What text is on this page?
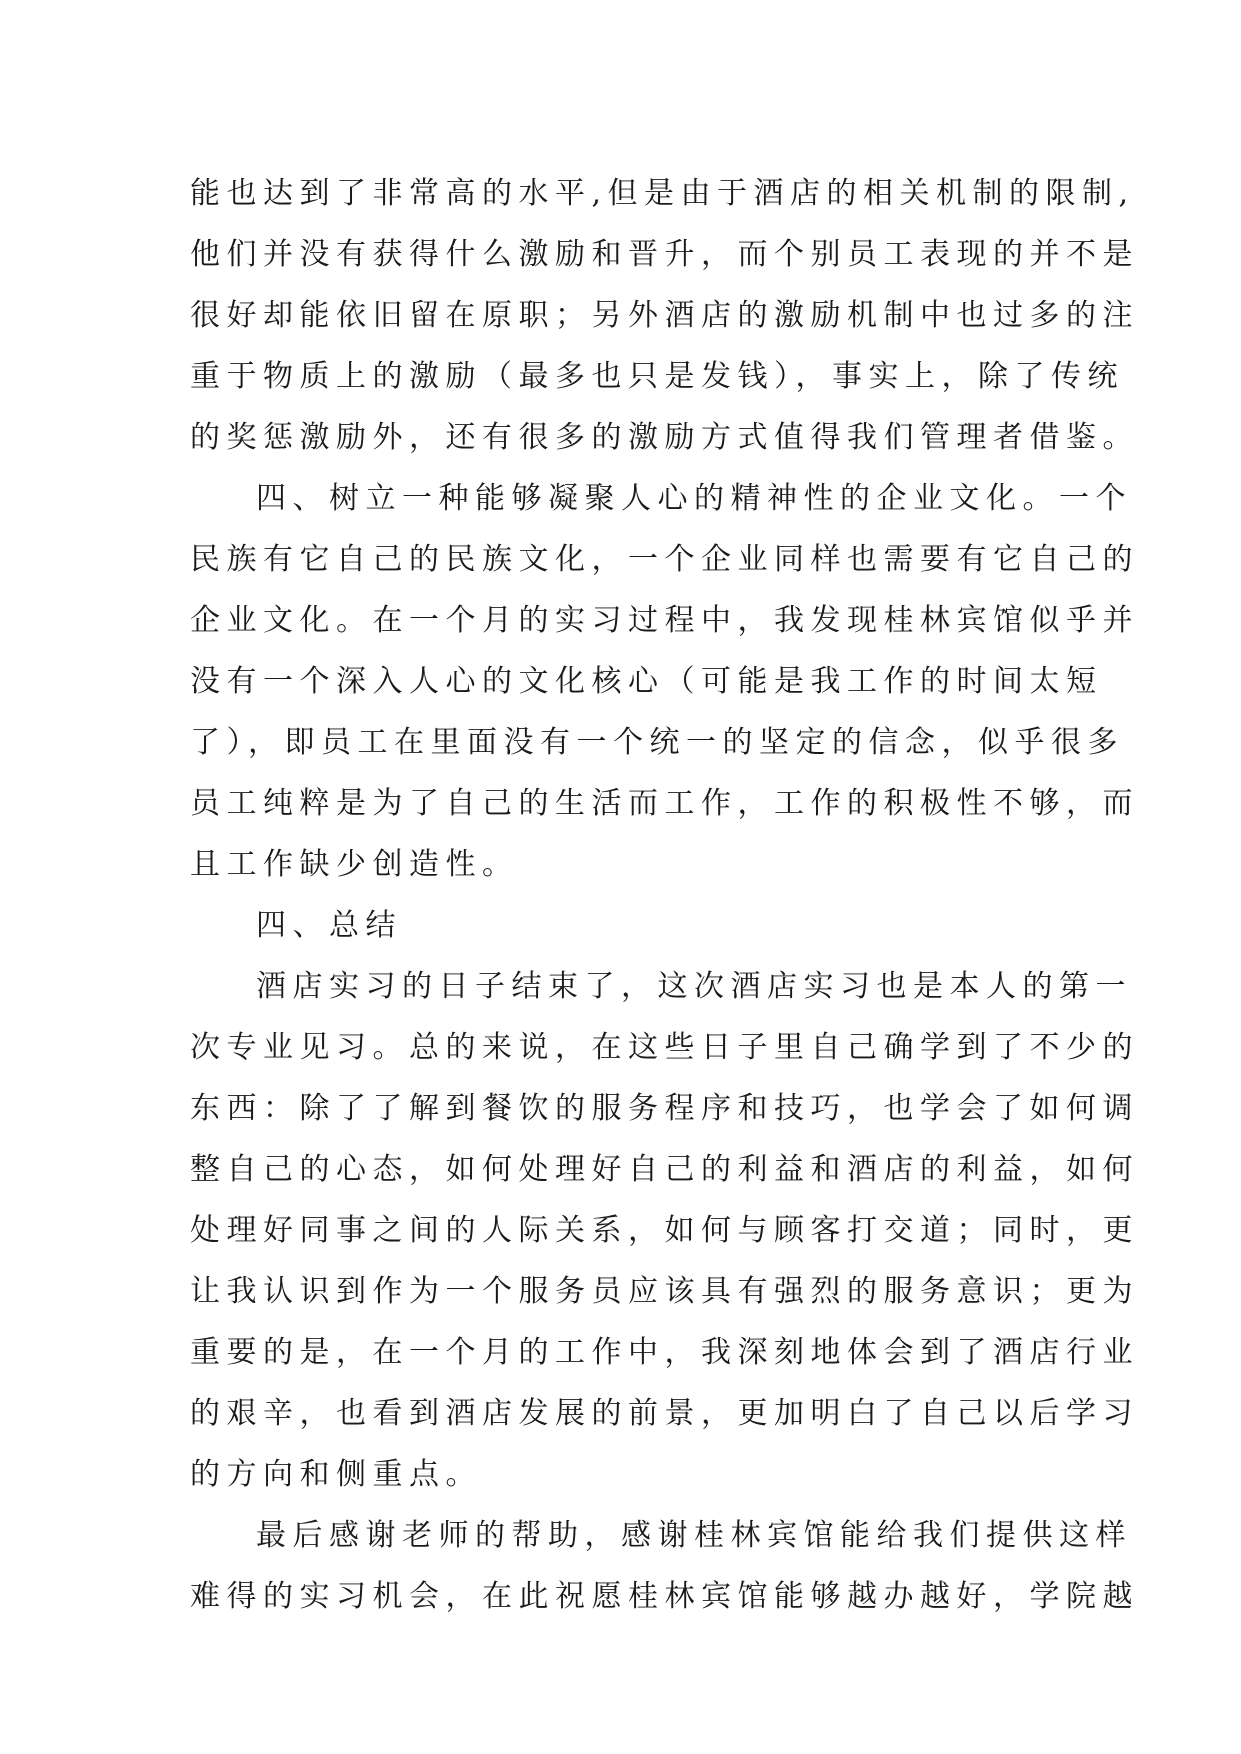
能也达到了非常高的水平,但是由于酒店的相关机制的限制,
他们并没有获得什么激励和晋升，而个别员工表现的并不是
很好却能依旧留在原职；另外酒店的激励机制中也过多的注
重于物质上的激励（最多也只是发钱），事实上，除了传统
的奖惩激励外，还有很多的激励方式值得我们管理者借鉴。
四、树立一种能够凝聚人心的精神性的企业文化。一个
民族有它自己的民族文化，一个企业同样也需要有它自己的
企业文化。在一个月的实习过程中，我发现桂林宾馆似乎并
没有一个深入人心的文化核心（可能是我工作的时间太短
了），即员工在里面没有一个统一的坚定的信念，似乎很多
员工纯粹是为了自己的生活而工作，工作的积极性不够，而
且工作缺少创造性。
四、总结
酒店实习的日子结束了，这次酒店实习也是本人的第一
次专业见习。总的来说，在这些日子里自己确学到了不少的
东西：除了了解到餐饮的服务程序和技巧，也学会了如何调
整自己的心态，如何处理好自己的利益和酒店的利益，如何
处理好同事之间的人际关系，如何与顾客打交道；同时，更
让我认识到作为一个服务员应该具有强烈的服务意识；更为
重要的是，在一个月的工作中，我深刻地体会到了酒店行业
的艰辛，也看到酒店发展的前景，更加明白了自己以后学习
的方向和侧重点。
最后感谢老师的帮助，感谢桂林宾馆能给我们提供这样
难得的实习机会，在此祝愿桂林宾馆能够越办越好，学院越
